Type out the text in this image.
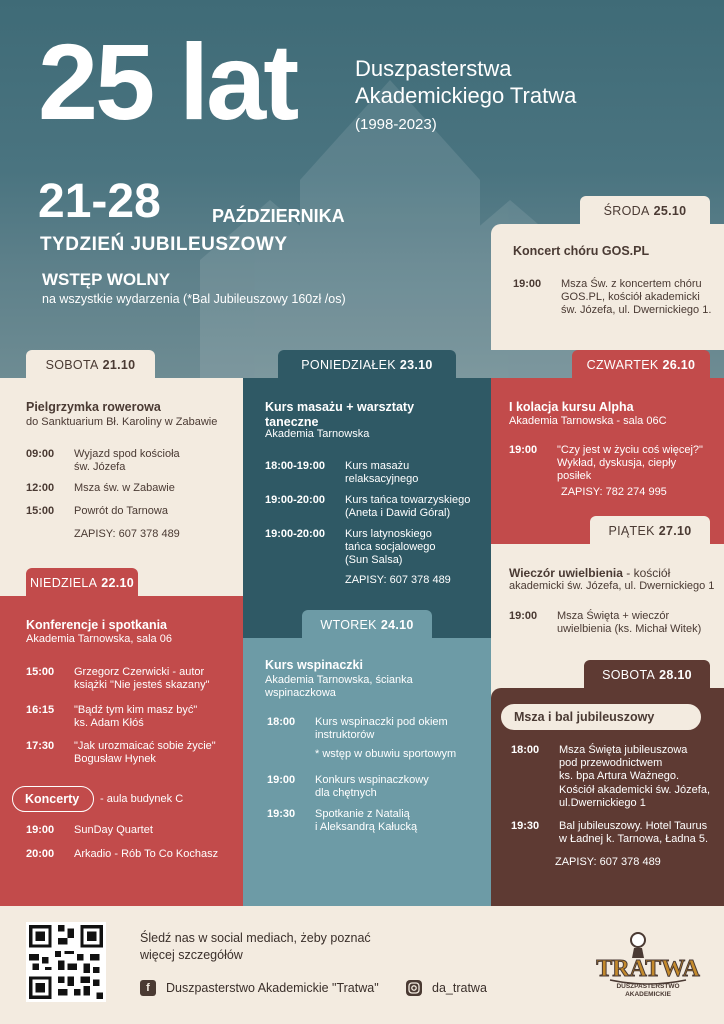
25 lat	Duszpasterstwa
Akademickiego Tratwa
(1998-2023)
21-28	PAŹDZIERNIKA
TYDZIEŃ JUBILEUSZOWY
WSTĘP WOLNY
na wszystkie wydarzenia (*Bal Jubileuszowy 160zł /os)
Pielgrzymka rowerowa
do Sanktuarium Bł. Karoliny w Zabawie
09:00	Wyjazd spod kościoła
św. Józefa
12:00	Msza św. w Zabawie
15:00	Powrót do Tarnowa
ZAPISY: 607 378 489
SOBOTA 21.10
Konferencje i spotkania
Akademia Tarnowska, sala 06
15:00	Grzegorz Czerwicki - autor
książki "Nie jesteś skazany"
16:15	"Bądź tym kim masz być"
ks. Adam Kłóś
17:30	"Jak urozmaicać sobie życie"
Bogusław Hynek
Koncerty	- aula budynek C
19:00	SunDay Quartet
20:00	Arkadio - Rób To Co Kochasz
NIEDZIELA 22.10
Kurs masażu + warsztaty
taneczne
Akademia Tarnowska
18:00-19:00	Kurs masażu
relaksacyjnego
19:00-20:00	Kurs tańca towarzyskiego
(Aneta i Dawid Góral)
19:00-20:00	Kurs latynoskiego
tańca socjalowego
(Sun Salsa)
ZAPISY: 607 378 489
PONIEDZIAŁEK 23.10
Kurs wspinaczki
Akademia Tarnowska, ścianka
wspinaczkowa
18:00	Kurs wspinaczki pod okiem
instruktorów
* wstęp w obuwiu sportowym
19:00	Konkurs wspinaczkowy
dla chętnych
19:30	Spotkanie z Natalią
i Aleksandrą Kałucką
WTOREK 24.10
Koncert chóru GOS.PL
19:00	Msza Św. z koncertem chóru
GOS.PL, kościół akademicki
św. Józefa, ul. Dwernickiego 1.
ŚRODA 25.10
I kolacja kursu Alpha
Akademia Tarnowska - sala 06C
19:00	"Czy jest w życiu coś więcej?"
Wykład, dyskusja, ciepły
posiłek
ZAPISY: 782 274 995
CZWARTEK 26.10
Wieczór uwielbienia - kościół
akademicki św. Józefa, ul. Dwernickiego 1
19:00	Msza Święta + wieczór
uwielbienia (ks. Michał Witek)
PIĄTEK 27.10
Msza i bal jubileuszowy
18:00	Msza Święta jubileuszowa
pod przewodnictwem
ks. bpa Artura Ważnego.
Kościół akademicki św. Józefa,
ul.Dwernickiego 1
19:30	Bal jubileuszowy. Hotel Taurus
w Ładnej k. Tarnowa, Ładna 5.
ZAPISY: 607 378 489
SOBOTA 28.10
Śledź nas w social mediach, żeby poznać
więcej szczegółów
f	Duszpasterstwo Akademickie "Tratwa"	da_tratwa
TRATWA
DUSZPASTERSTWO
AKADEMICKIE
